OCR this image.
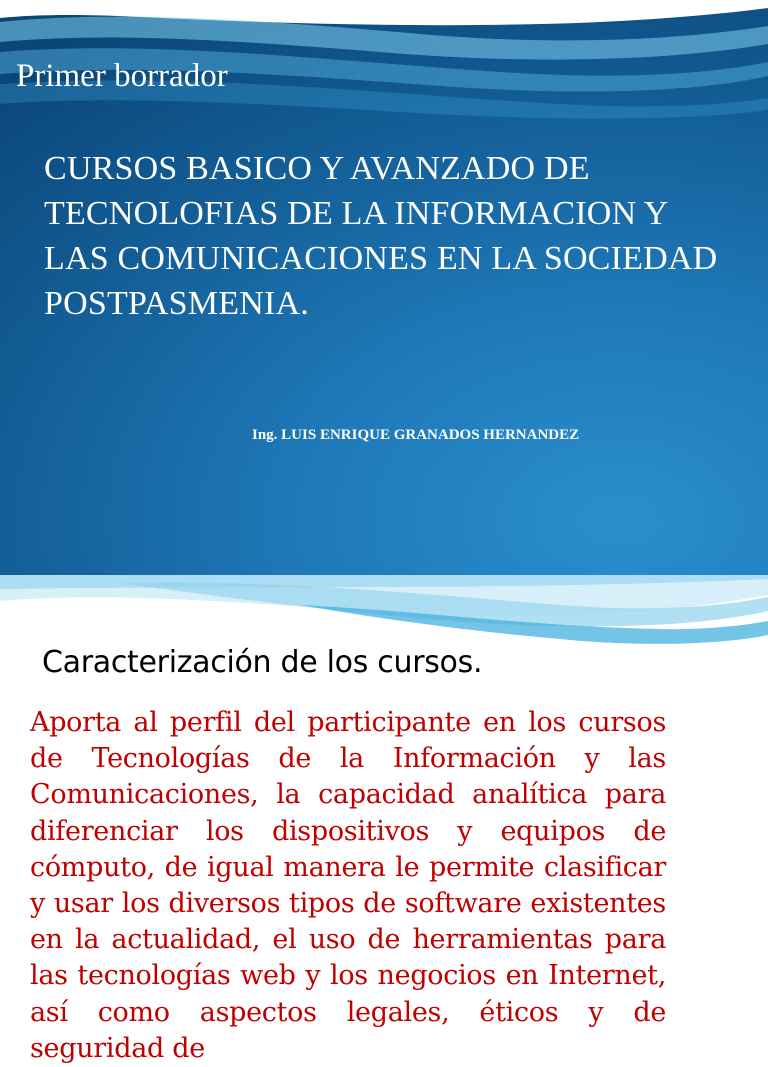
Primer borrador
CURSOS BASICO Y AVANZADO DE TECNOLOFIAS DE LA INFORMACION Y LAS COMUNICACIONES EN LA SOCIEDAD POSTPASMENIA.

Ing. LUIS ENRIQUE GRANADOS HERNANDEZ

Caracterización de los cursos.

Aporta al perfil del participante en los cursos de Tecnologías de la Información y las Comunicaciones, la capacidad analítica para diferenciar los dispositivos y equipos de cómputo, de igual manera le permite clasificar y usar los diversos tipos de software existentes en la actualidad, el uso de herramientas para las tecnologías web y los negocios en Internet, así como aspectos legales, éticos y de seguridad de
